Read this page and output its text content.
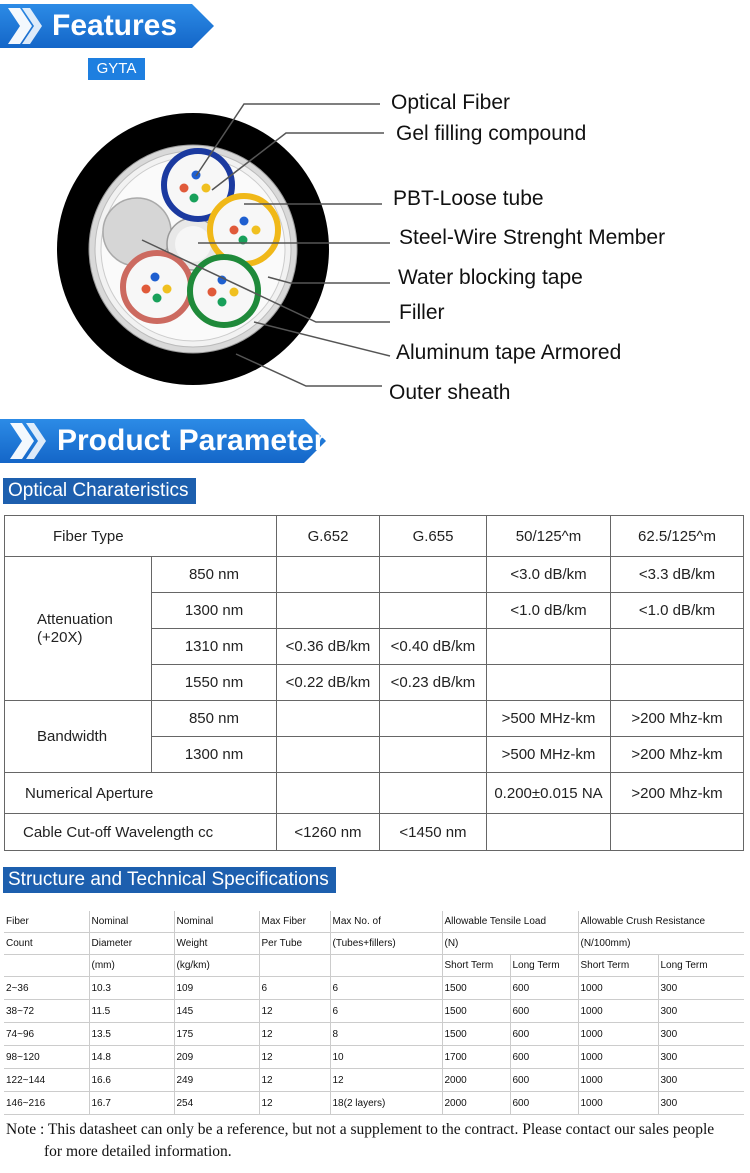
Features
GYTA
Optical Fiber
Gel filling compound
PBT-Loose tube
Steel-Wire Strenght Member
Water blocking tape
Filler
Aluminum tape Armored
Outer sheath
Product Parameter
Optical Charateristics
Fiber Type		G.652	G.655	50/125^m	62.5/125^m
Attenuation
(+20X)	850 nm			<3.0 dB/km	<3.3 dB/km
	1300 nm			<1.0 dB/km	<1.0 dB/km
	1310 nm	<0.36 dB/km	<0.40 dB/km		
	1550 nm	<0.22 dB/km	<0.23 dB/km		
Bandwidth	850 nm			>500 MHz-km	>200 Mhz-km
	1300 nm			>500 MHz-km	>200 Mhz-km
Numerical Aperture				0.200±0.015 NA	>200 Mhz-km
Cable Cut-off Wavelength cc		<1260 nm	<1450 nm		
Structure and Technical Specifications
Fiber	Nominal	Nominal	Max Fiber	Max No. of	Allowable Tensile Load		Allowable Crush Resistance	
Count	Diameter	Weight	Per Tube	(Tubes+fillers)	(N)		(N/100mm)	
	(mm)	(kg/km)			Short Term	Long Term	Short Term	Long Term
2~36	10.3	109	6	6	1500	600	1000	300
38~72	11.5	145	12	6	1500	600	1000	300
74~96	13.5	175	12	8	1500	600	1000	300
98~120	14.8	209	12	10	1700	600	1000	300
122~144	16.6	249	12	12	2000	600	1000	300
146~216	16.7	254	12	18(2 layers)	2000	600	1000	300
Note : This datasheet can only be a reference, but not a supplement to the contract. Please contact our sales people
for more detailed information.
